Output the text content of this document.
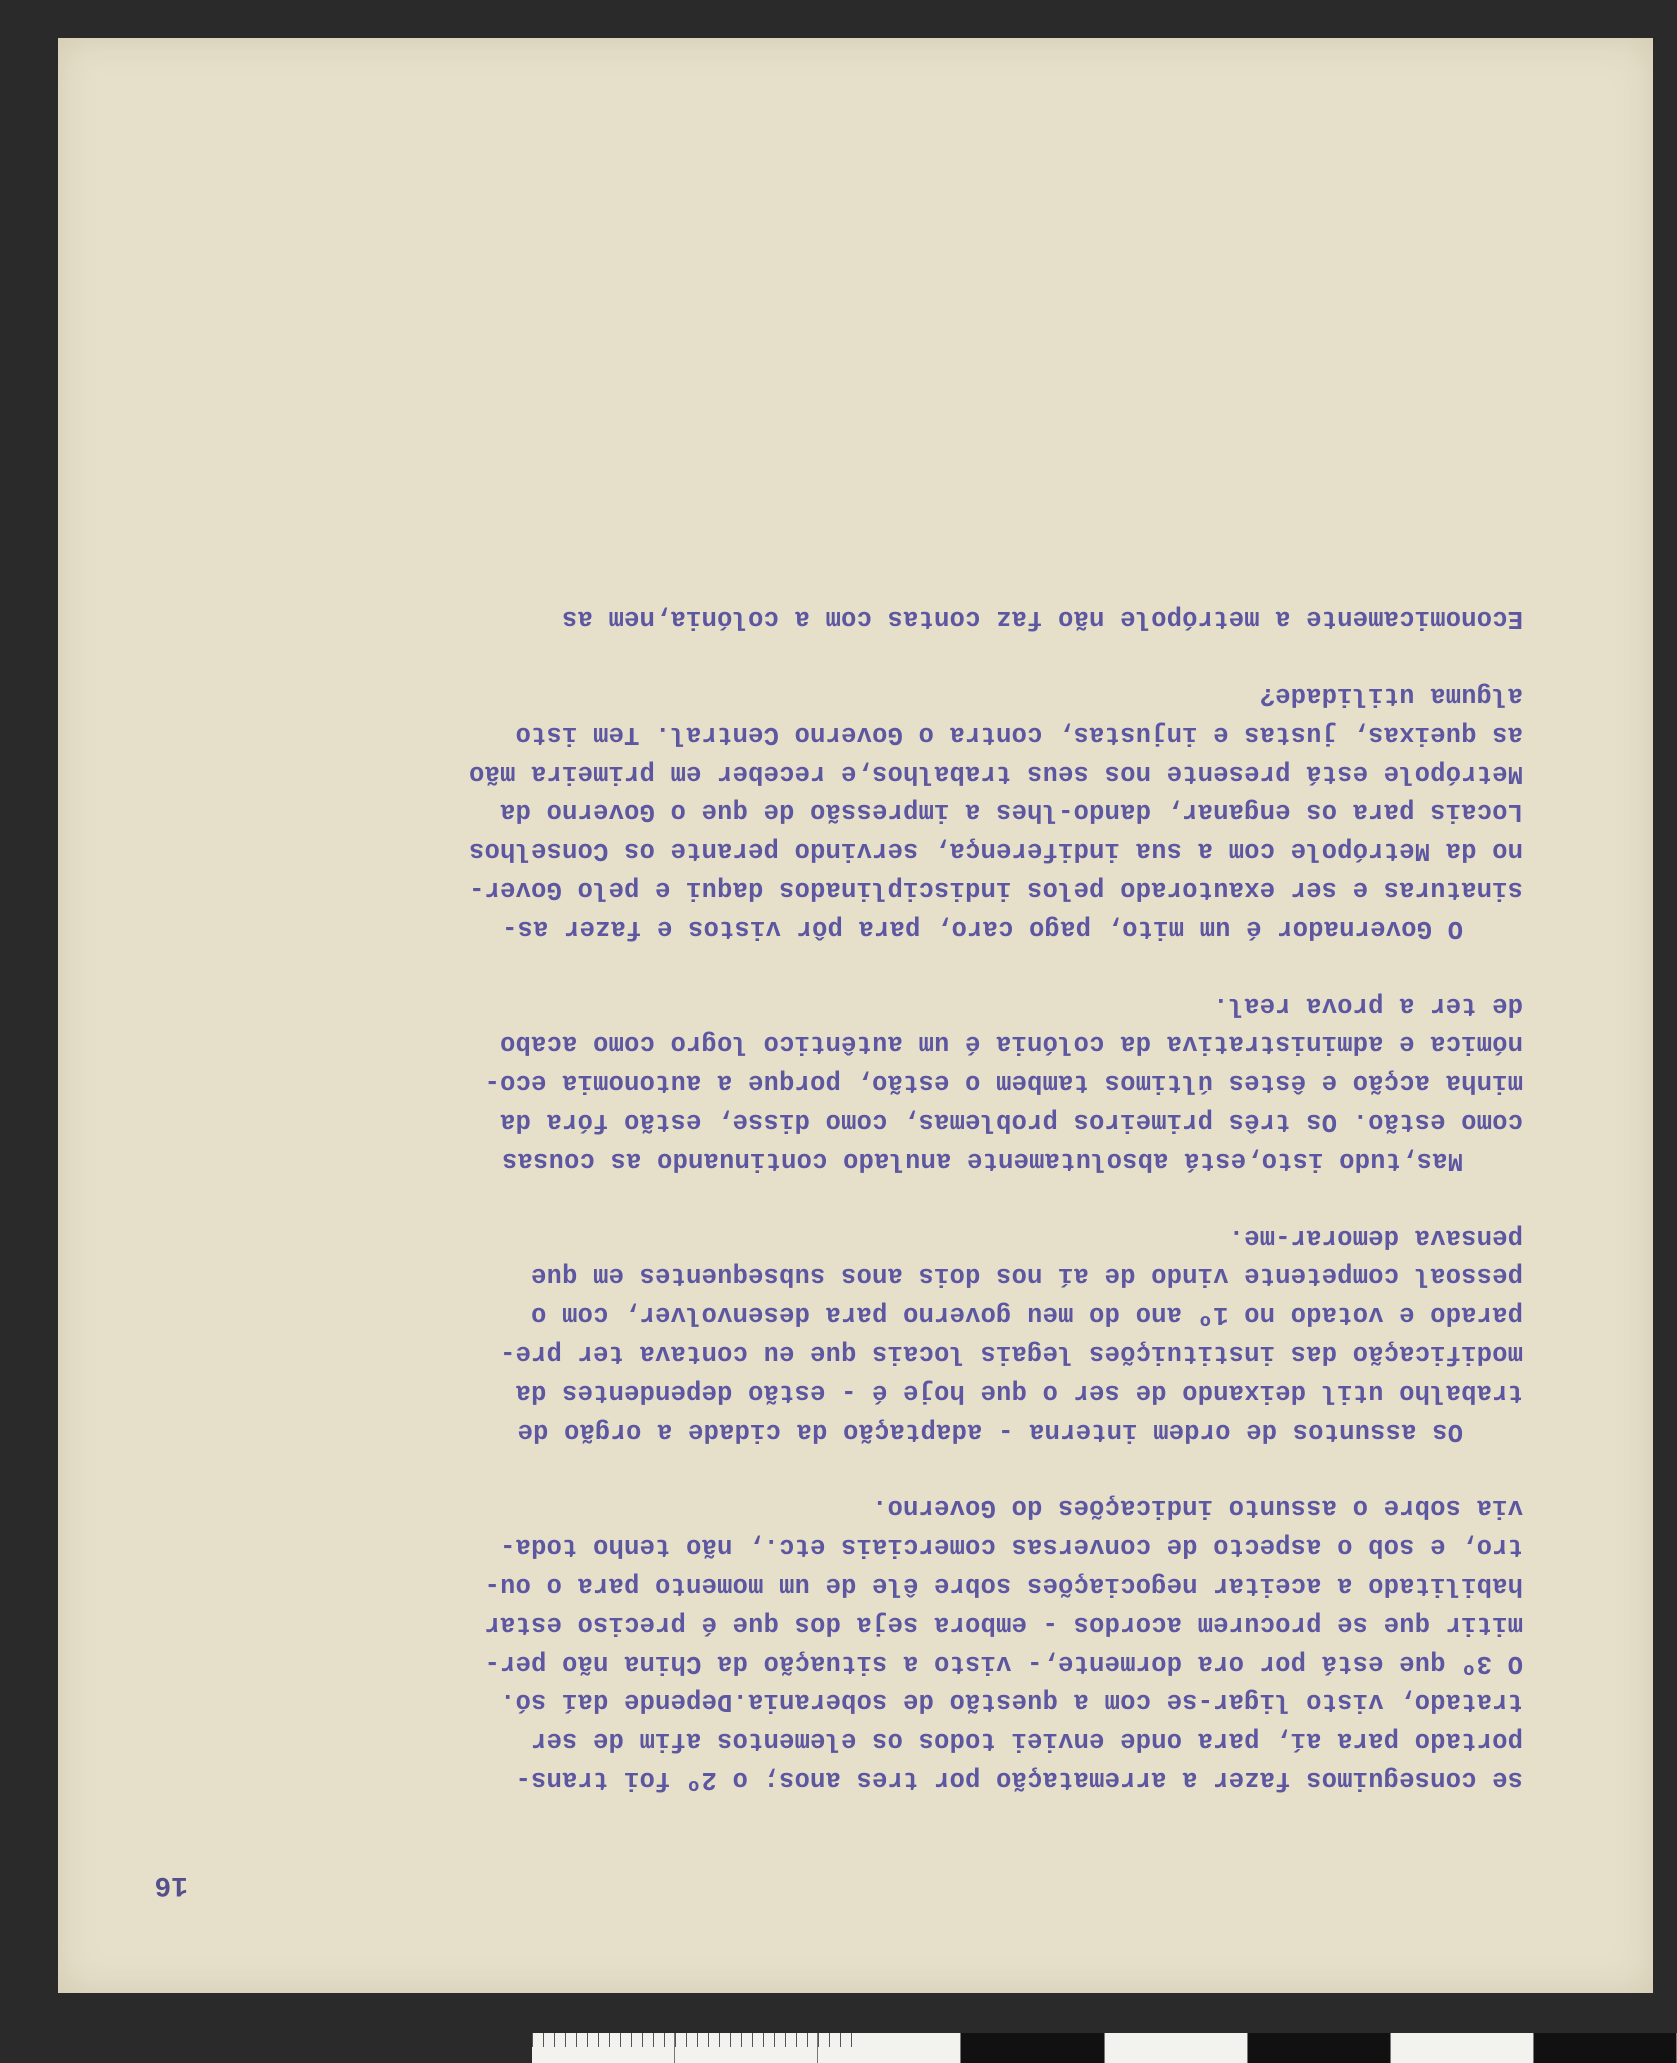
16
se conseguimos fazer a arrematação por tres anos; o 2º foi trans-
portado para aí, para onde enviei todos os elementos afim de ser
tratado, visto ligar-se com a questão de soberania.Depende daí só.
O 3º que está por ora dormente,- visto a situação da China não per-
mitir que se procurem acordos - embora seja dos que é preciso estar
habilitado a aceitar negociações sobre êle de um momento para o ou-
tro, e sob o aspecto de conversas comerciais etc., não tenho toda-
via sobre o assunto indicações do Governo.
Os assuntos de ordem interna - adaptação da cidade a orgão de
trabalho util deixando de ser o que hoje é - estão dependentes da
modificação das instituições legais locais que eu contava ter pre-
parado e votado no 1º ano do meu governo para desenvolver, com o
pessoal competente vindo de aí nos dois anos subsequentes em que
pensava demorar-me.
Mas,tudo isto,está absolutamente anulado continuando as cousas
como estão. Os três primeiros problemas, como disse, estão fóra da
minha acção e êstes últimos tambem o estão, porque a autonomia eco-
nómica e administrativa da colónia é um autêntico logro como acabo
de ter a prova real.
O Governador é um mito, pago caro, para pôr vistos e fazer as-
sinaturas e ser exautorado pelos indisciplinados daqui e pelo Gover-
no da Metrópole com a sua indiferença, servindo perante os Conselhos
Locais para os enganar, dando-lhes a impressão de que o Governo da
Metrópole está presente nos seus trabalhos,e receber em primeira mão
as queixas, justas e injustas, contra o Governo Central. Tem isto
alguma utilidade?
Economicamente a metrópole não faz contas com a colónia,nem as
